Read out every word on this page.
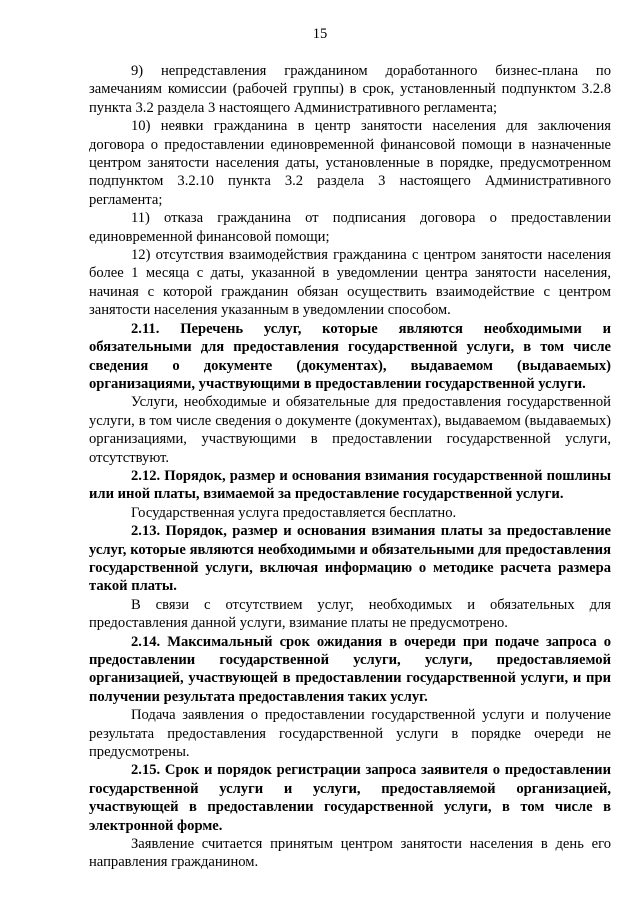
15

9) непредставления гражданином доработанного бизнес-плана по замечаниям комиссии (рабочей группы) в срок, установленный подпунктом 3.2.8 пункта 3.2 раздела 3 настоящего Административного регламента;

10) неявки гражданина в центр занятости населения для заключения договора о предоставлении единовременной финансовой помощи в назначенные центром занятости населения даты, установленные в порядке, предусмотренном подпунктом 3.2.10 пункта 3.2 раздела 3 настоящего Административного регламента;

11) отказа гражданина от подписания договора о предоставлении единовременной финансовой помощи;

12) отсутствия взаимодействия гражданина с центром занятости населения более 1 месяца с даты, указанной в уведомлении центра занятости населения, начиная с которой гражданин обязан осуществить взаимодействие с центром занятости населения указанным в уведомлении способом.

2.11. Перечень услуг, которые являются необходимыми и обязательными для предоставления государственной услуги, в том числе сведения о документе (документах), выдаваемом (выдаваемых) организациями, участвующими в предоставлении государственной услуги.

Услуги, необходимые и обязательные для предоставления государственной услуги, в том числе сведения о документе (документах), выдаваемом (выдаваемых) организациями, участвующими в предоставлении государственной услуги, отсутствуют.

2.12. Порядок, размер и основания взимания государственной пошлины или иной платы, взимаемой за предоставление государственной услуги.

Государственная услуга предоставляется бесплатно.

2.13. Порядок, размер и основания взимания платы за предоставление услуг, которые являются необходимыми и обязательными для предоставления государственной услуги, включая информацию о методике расчета размера такой платы.

В связи с отсутствием услуг, необходимых и обязательных для предоставления данной услуги, взимание платы не предусмотрено.

2.14. Максимальный срок ожидания в очереди при подаче запроса о предоставлении государственной услуги, услуги, предоставляемой организацией, участвующей в предоставлении государственной услуги, и при получении результата предоставления таких услуг.

Подача заявления о предоставлении государственной услуги и получение результата предоставления государственной услуги в порядке очереди не предусмотрены.

2.15. Срок и порядок регистрации запроса заявителя о предоставлении государственной услуги и услуги, предоставляемой организацией, участвующей в предоставлении государственной услуги, в том числе в электронной форме.

Заявление считается принятым центром занятости населения в день его направления гражданином.
